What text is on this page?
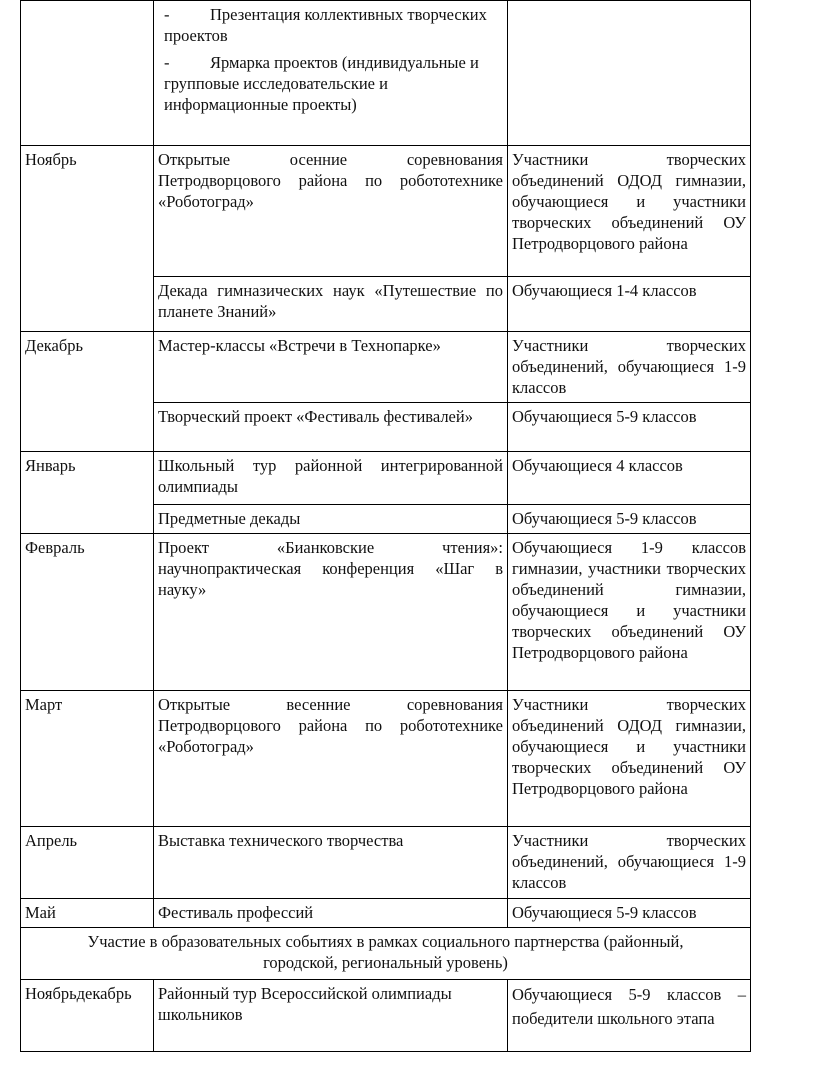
	- Презентация коллективных творческих проектов
- Ярмарка проектов (индивидуальные и групповые исследовательские и информационные проекты)	

Ноябрь	Открытые осенние соревнования Петродворцового района по робототехнике «Роботоград»	Участники творческих объединений ОДОД гимназии, обучающиеся и участники творческих объединений ОУ Петродворцового района
	Декада гимназических наук «Путешествие по планете Знаний»	Обучающиеся 1-4 классов
Декабрь	Мастер-классы «Встречи в Технопарке»	Участники творческих объединений, обучающиеся 1-9 классов
	Творческий проект «Фестиваль фестивалей»	Обучающиеся 5-9 классов
Январь	Школьный тур районной интегрированной олимпиады	Обучающиеся 4 классов
	Предметные декады	Обучающиеся 5-9 классов
Февраль	Проект «Бианковские чтения»: научнопрактическая конференция «Шаг в науку»	Обучающиеся 1-9 классов гимназии, участники творческих объединений гимназии, обучающиеся и участники творческих объединений ОУ Петродворцового района
Март	Открытые весенние соревнования Петродворцового района по робототехнике «Роботоград»	Участники творческих объединений ОДОД гимназии, обучающиеся и участники творческих объединений ОУ Петродворцового района
Апрель	Выставка технического творчества	Участники творческих объединений, обучающиеся 1-9 классов
Май	Фестиваль профессий	Обучающиеся 5-9 классов
Участие в образовательных событиях в рамках социального партнерства (районный, городской, региональный уровень)		
Ноябрьдекабрь	Районный тур Всероссийской олимпиады школьников	Обучающиеся 5-9 классов – победители школьного этапа
